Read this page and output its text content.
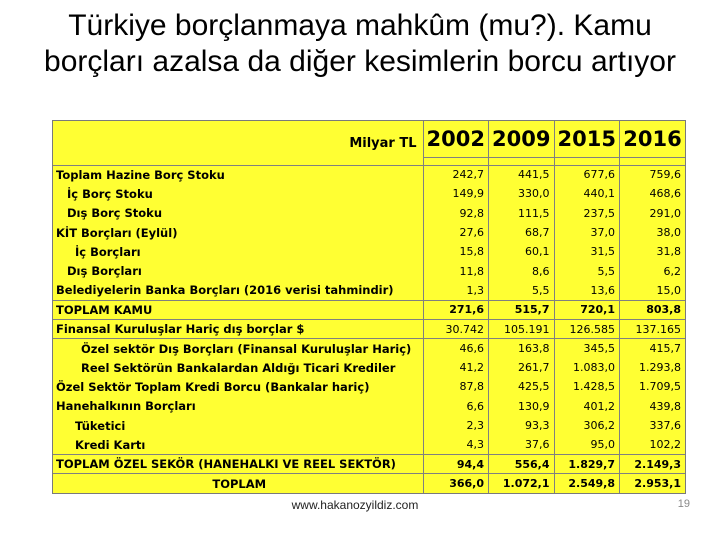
Türkiye borçlanmaya mahkûm (mu?). Kamu borçları azalsa da diğer kesimlerin borcu artıyor
Milyar TL	2002	2009	2015	2016

Toplam Hazine Borç Stoku	242,7	441,5	677,6	759,6
İç Borç Stoku	149,9	330,0	440,1	468,6
Dış Borç Stoku	92,8	111,5	237,5	291,0
KİT Borçları (Eylül)	27,6	68,7	37,0	38,0
İç Borçları	15,8	60,1	31,5	31,8
Dış Borçları	11,8	8,6	5,5	6,2
Belediyelerin Banka Borçları (2016 verisi tahmindir)	1,3	5,5	13,6	15,0
TOPLAM KAMU	271,6	515,7	720,1	803,8
Finansal Kuruluşlar Hariç dış borçlar $	30.742	105.191	126.585	137.165
Özel sektör Dış Borçları (Finansal Kuruluşlar Hariç)	46,6	163,8	345,5	415,7
Reel Sektörün Bankalardan Aldığı Ticari Krediler	41,2	261,7	1.083,0	1.293,8
Özel Sektör Toplam Kredi Borcu (Bankalar hariç)	87,8	425,5	1.428,5	1.709,5
Hanehalkının Borçları	6,6	130,9	401,2	439,8
Tüketici	2,3	93,3	306,2	337,6
Kredi Kartı	4,3	37,6	95,0	102,2
TOPLAM ÖZEL SEKÖR (HANEHALKI VE REEL SEKTÖR)	94,4	556,4	1.829,7	2.149,3
TOPLAM	366,0	1.072,1	2.549,8	2.953,1
www.hakanozyildiz.com	19
